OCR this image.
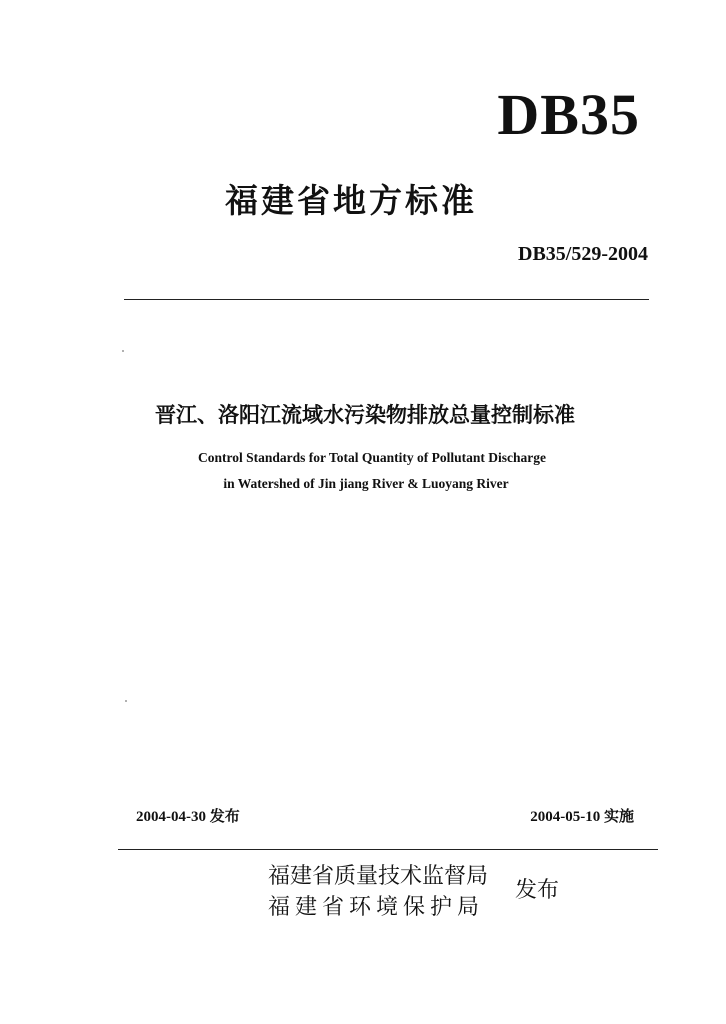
DB35
福建省地方标准
DB35/529-2004
晋江、洛阳江流域水污染物排放总量控制标准
Control Standards for Total Quantity of Pollutant Discharge
in Watershed of Jin jiang River & Luoyang River
2004-04-30 发布	2004-05-10 实施
福建省质量技术监督局
福建省环境保护局
发布
